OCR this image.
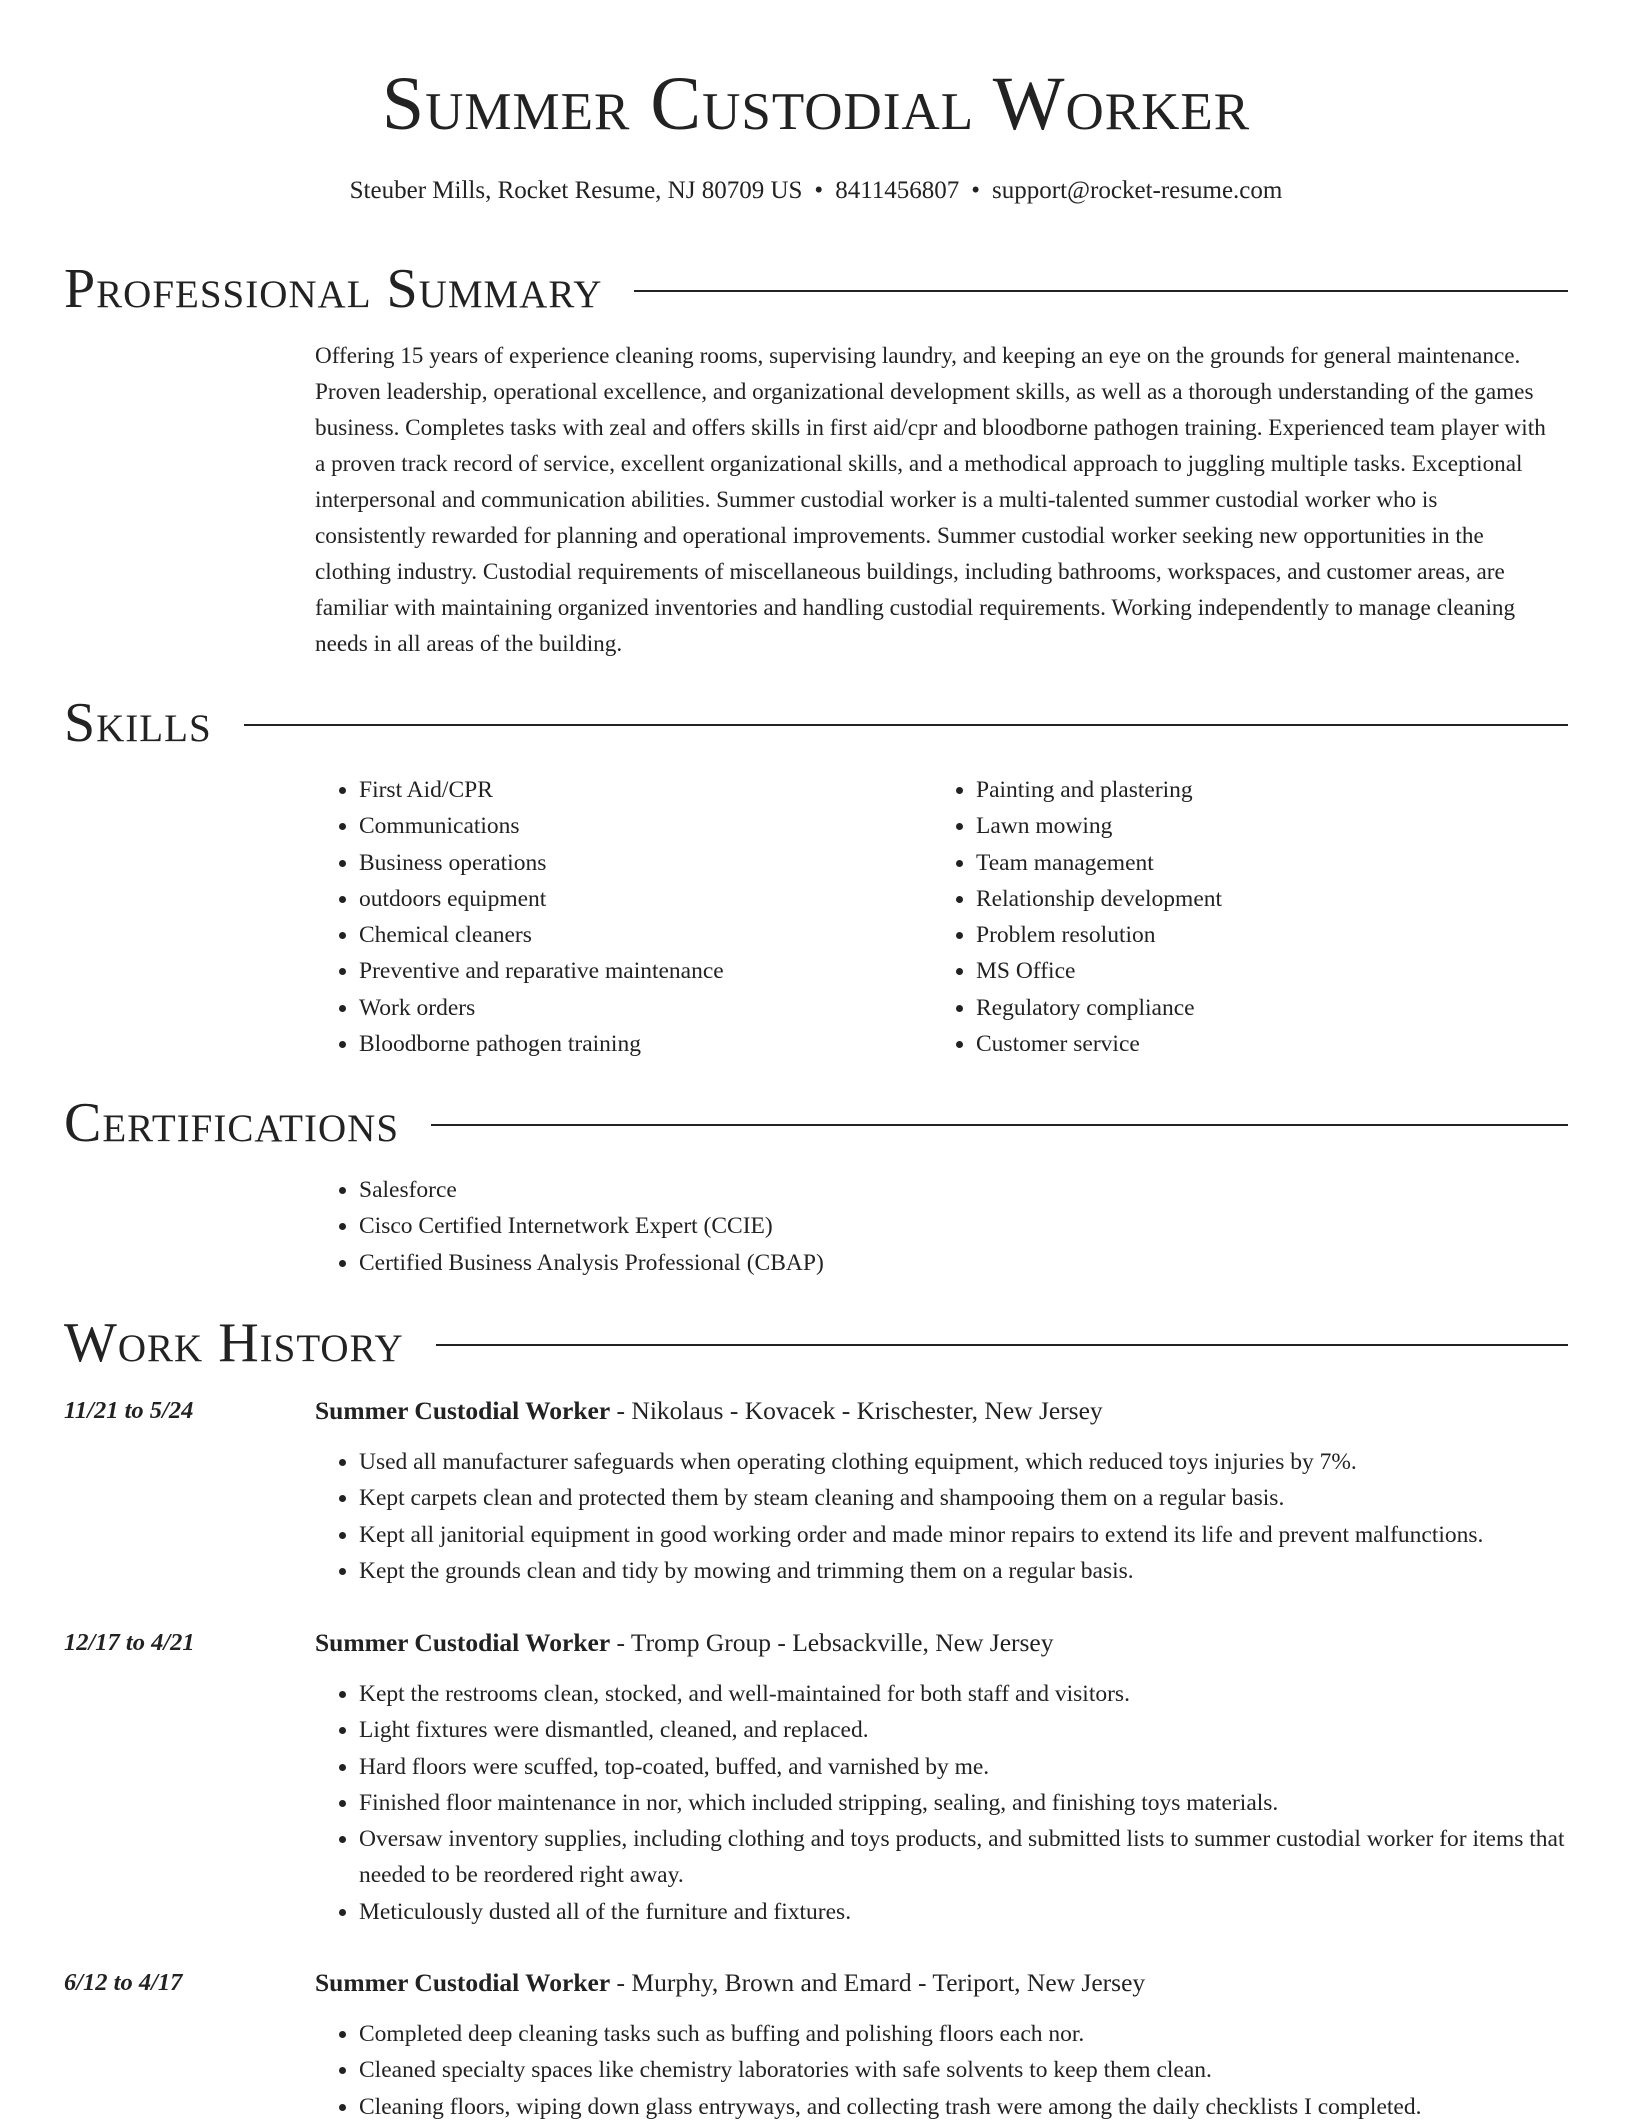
Summer Custodial Worker

Steuber Mills, Rocket Resume, NJ 80709 US • 8411456807 • support@rocket-resume.com

Professional Summary

Offering 15 years of experience cleaning rooms, supervising laundry, and keeping an eye on the grounds for general maintenance. Proven leadership, operational excellence, and organizational development skills, as well as a thorough understanding of the games business. Completes tasks with zeal and offers skills in first aid/cpr and bloodborne pathogen training. Experienced team player with a proven track record of service, excellent organizational skills, and a methodical approach to juggling multiple tasks. Exceptional interpersonal and communication abilities. Summer custodial worker is a multi-talented summer custodial worker who is consistently rewarded for planning and operational improvements. Summer custodial worker seeking new opportunities in the clothing industry. Custodial requirements of miscellaneous buildings, including bathrooms, workspaces, and customer areas, are familiar with maintaining organized inventories and handling custodial requirements. Working independently to manage cleaning needs in all areas of the building.

Skills
• First Aid/CPR
• Communications
• Business operations
• outdoors equipment
• Chemical cleaners
• Preventive and reparative maintenance
• Work orders
• Bloodborne pathogen training
• Painting and plastering
• Lawn mowing
• Team management
• Relationship development
• Problem resolution
• MS Office
• Regulatory compliance
• Customer service
Certifications
• Salesforce
• Cisco Certified Internetwork Expert (CCIE)
• Certified Business Analysis Professional (CBAP)
Work History
11/21 to 5/24	Summer Custodial Worker - Nikolaus - Kovacek - Krischester, New Jersey
• Used all manufacturer safeguards when operating clothing equipment, which reduced toys injuries by 7%.
• Kept carpets clean and protected them by steam cleaning and shampooing them on a regular basis.
• Kept all janitorial equipment in good working order and made minor repairs to extend its life and prevent malfunctions.
• Kept the grounds clean and tidy by mowing and trimming them on a regular basis.
12/17 to 4/21	Summer Custodial Worker - Tromp Group - Lebsackville, New Jersey
• Kept the restrooms clean, stocked, and well-maintained for both staff and visitors.
• Light fixtures were dismantled, cleaned, and replaced.
• Hard floors were scuffed, top-coated, buffed, and varnished by me.
• Finished floor maintenance in nor, which included stripping, sealing, and finishing toys materials.
• Oversaw inventory supplies, including clothing and toys products, and submitted lists to summer custodial worker for items that needed to be reordered right away.
• Meticulously dusted all of the furniture and fixtures.
6/12 to 4/17	Summer Custodial Worker - Murphy, Brown and Emard - Teriport, New Jersey
• Completed deep cleaning tasks such as buffing and polishing floors each nor.
• Cleaned specialty spaces like chemistry laboratories with safe solvents to keep them clean.
• Cleaning floors, wiping down glass entryways, and collecting trash were among the daily checklists I completed.
